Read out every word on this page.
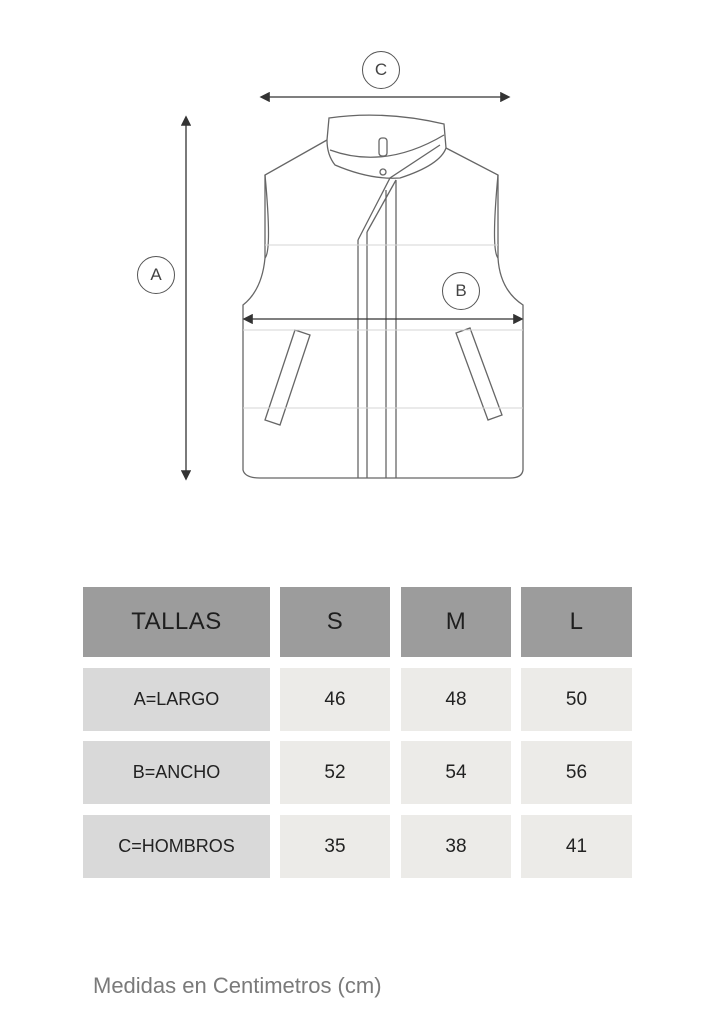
C
A
B
TALLAS	S	M	L
A=LARGO	46	48	50
B=ANCHO	52	54	56
C=HOMBROS	35	38	41
Medidas en Centimetros (cm)
